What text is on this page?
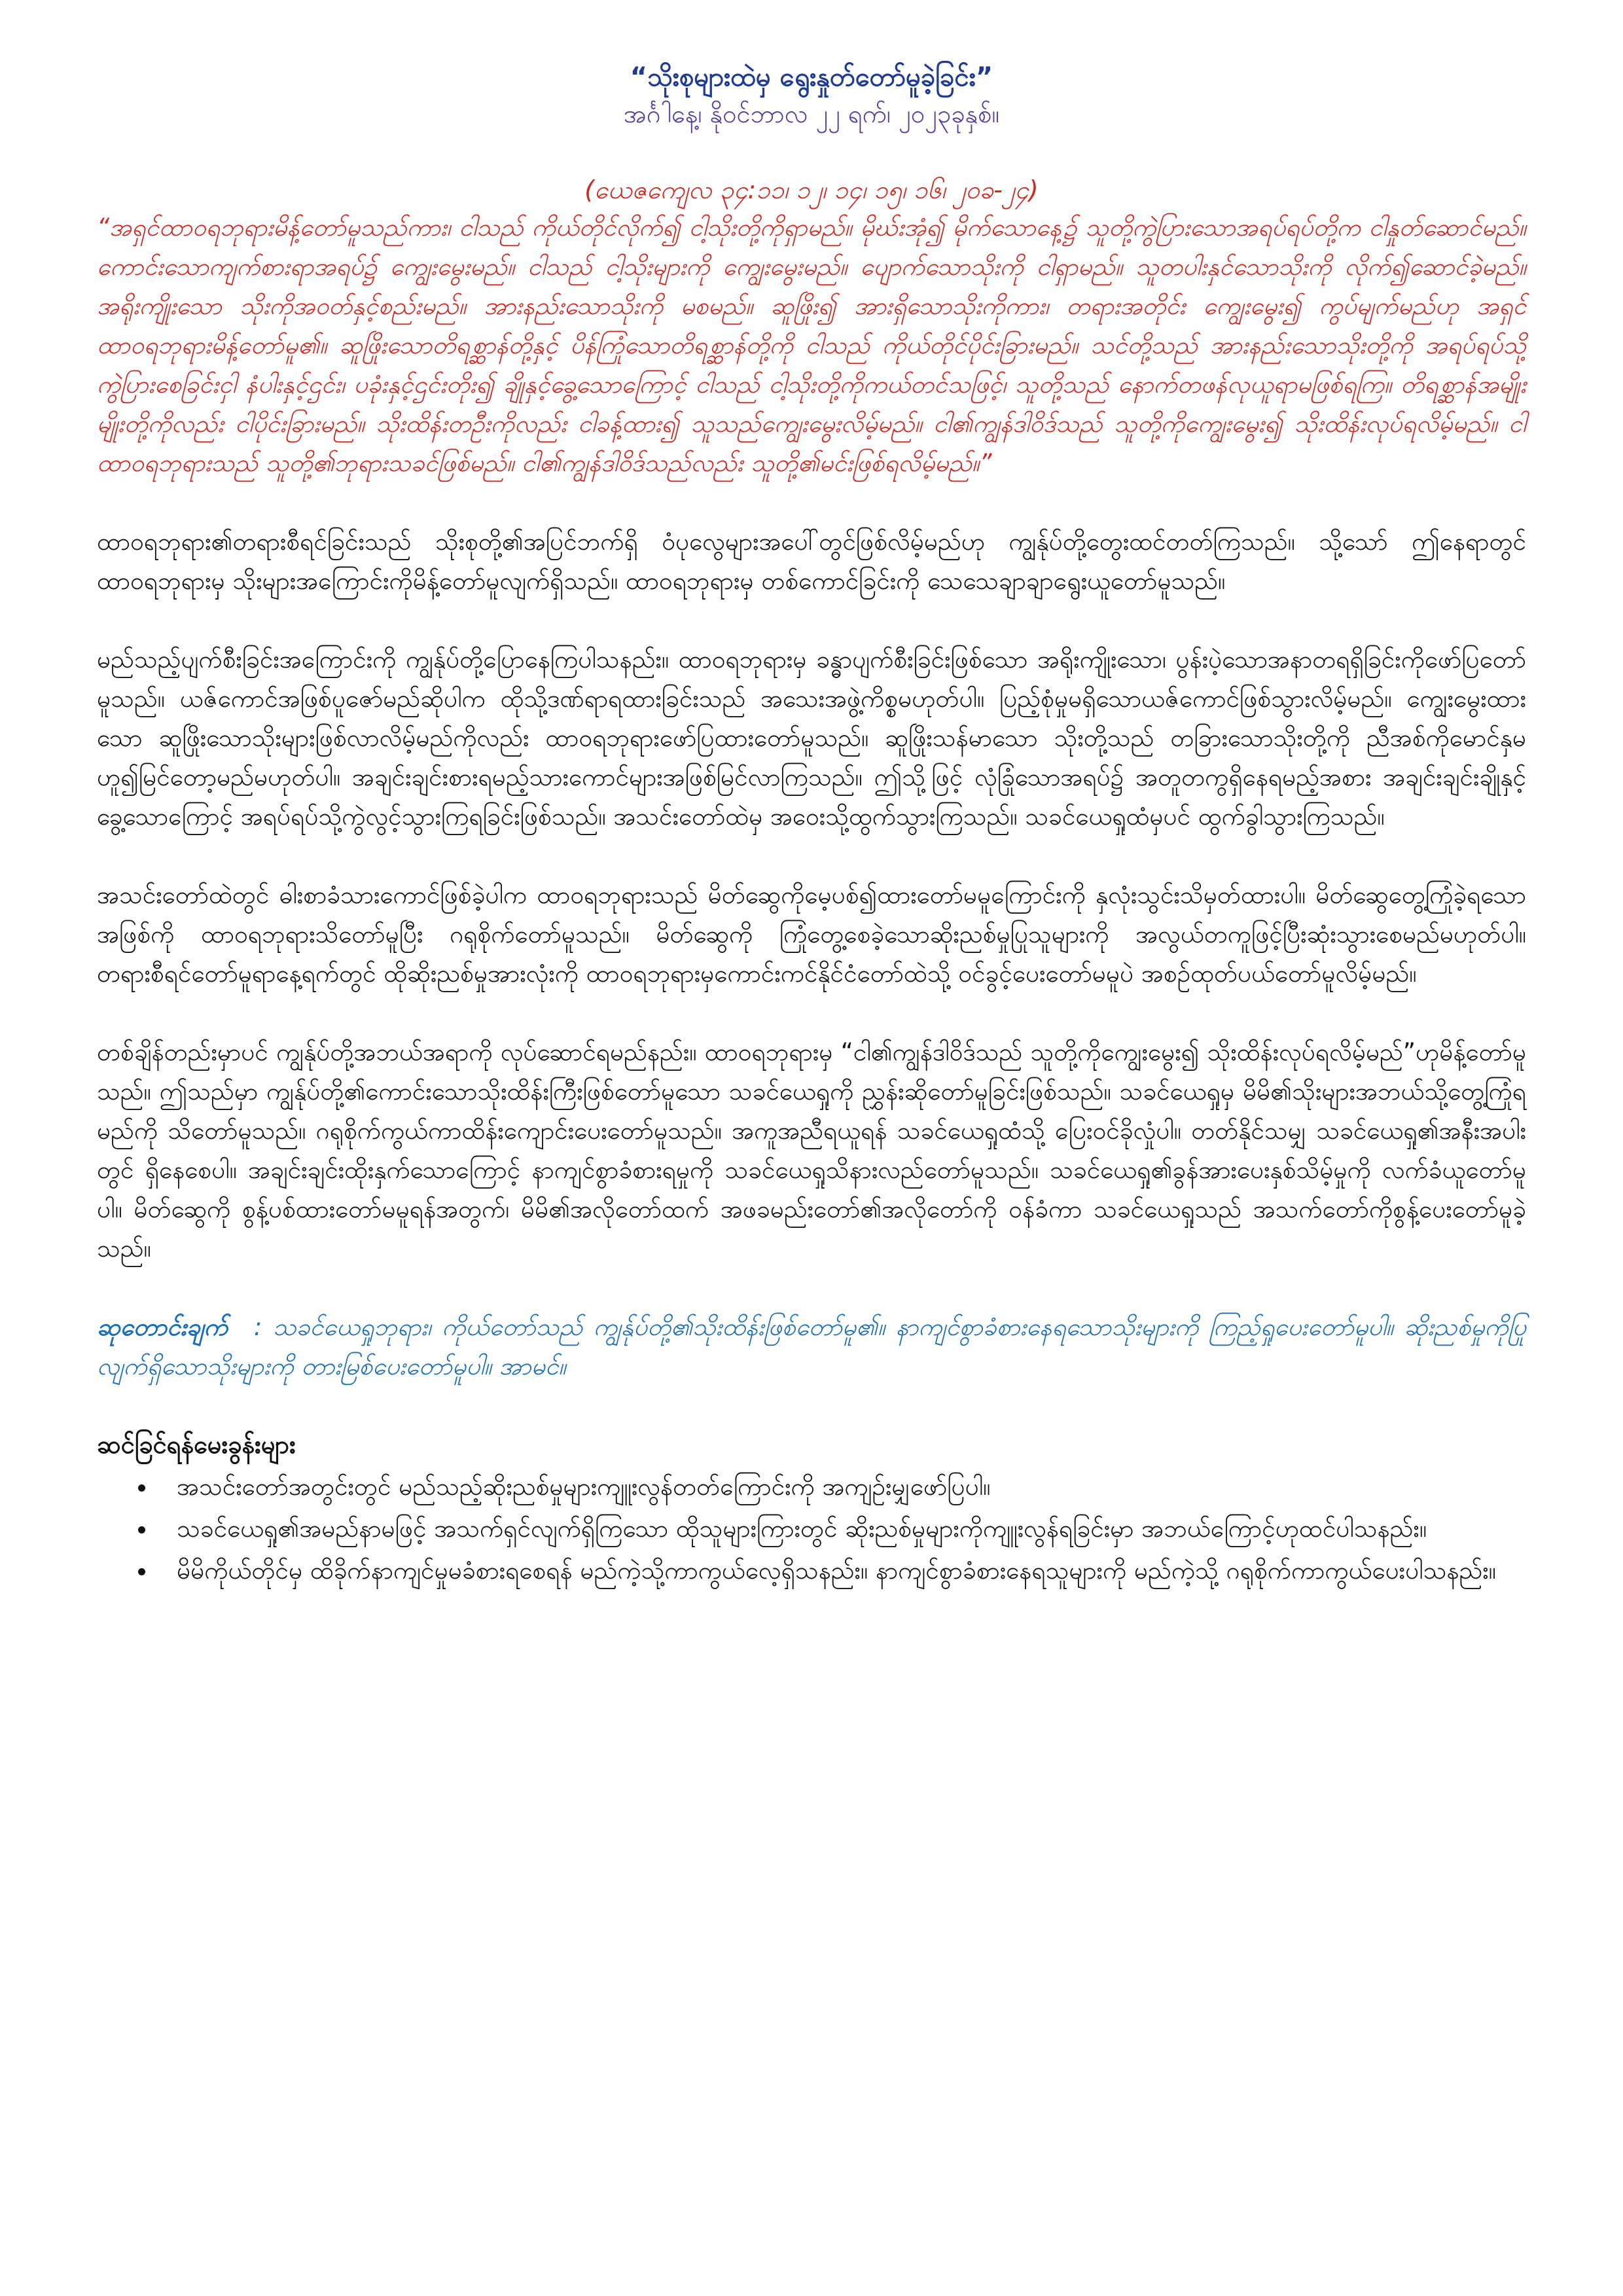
“သိုးစုများထဲမှ ရွေးနှုတ်တော်မူခဲ့ခြင်း”

အင်္ဂါနေ့၊ နိုဝင်ဘာလ ၂၂ ရက်၊ ၂၀၂၃ခုနှစ်။

(ယေဇကျေလ ၃၄:၁၁၊ ၁၂၊ ၁၄၊ ၁၅၊ ၁၆၊ ၂၀ခ-၂၄)

“အရှင်ထာဝရဘုရားမိန့်တော်မူသည်ကား၊ ငါသည် ကိုယ်တိုင်လိုက်၍ ငါ့သိုးတို့ကိုရှာမည်။ မိုဃ်းအုံ၍ မိုက်သောနေ့၌ သူတို့ကွဲပြားသောအရပ်ရပ်တို့က ငါနှုတ်ဆောင်မည်။ ကောင်းသောကျက်စားရာအရပ်၌ ကျွေးမွေးမည်။ ငါသည် ငါ့သိုးများကို ကျွေးမွေးမည်။ ပျောက်သောသိုးကို ငါရှာမည်။ သူတပါးနှင်သောသိုးကို လိုက်၍ဆောင်ခဲ့မည်။ အရိုးကျိုးသော သိုးကိုအဝတ်နှင့်စည်းမည်။ အားနည်းသောသိုးကို မစမည်။ ဆူဖြိုး၍ အားရှိသောသိုးကိုကား၊ တရားအတိုင်း ကျွေးမွေး၍ ကွပ်မျက်မည်ဟု အရှင်ထာဝရဘုရားမိန့်တော်မူ၏။ ဆူဖြိုးသောတိရစ္ဆာန်တို့နှင့် ပိန်ကြုံသောတိရစ္ဆာန်တို့ကို ငါသည် ကိုယ်တိုင်ပိုင်းခြားမည်။ သင်တို့သည် အားနည်းသောသိုးတို့ကို အရပ်ရပ်သို့ ကွဲပြားစေခြင်းငှါ နံပါးနှင့်ဌင်း၊ ပခုံးနှင့်ဌင်းတိုး၍ ချိုနှင့်ခွေ့သောကြောင့် ငါသည် ငါ့သိုးတို့ကိုကယ်တင်သဖြင့်၊ သူတို့သည် နောက်တဖန်လုယူရာမဖြစ်ရကြ။ တိရစ္ဆာန်အမျိုးမျိုးတို့ကိုလည်း ငါပိုင်းခြားမည်။ သိုးထိန်းတဦးကိုလည်း ငါခန့်ထား၍ သူသည်ကျွေးမွေးလိမ့်မည်။ ငါ၏ကျွန်ဒါဝိဒ်သည် သူတို့ကိုကျွေးမွေး၍ သိုးထိန်းလုပ်ရလိမ့်မည်။ ငါထာဝရဘုရားသည် သူတို့၏ဘုရားသခင်ဖြစ်မည်။ ငါ၏ကျွန်ဒါဝိဒ်သည်လည်း သူတို့၏မင်းဖြစ်ရလိမ့်မည်။”

ထာဝရဘုရား၏တရားစီရင်ခြင်းသည် သိုးစုတို့၏အပြင်ဘက်ရှိ ဝံပုလွေများအပေါ်တွင်ဖြစ်လိမ့်မည်ဟု ကျွန်ုပ်တို့တွေးထင်တတ်ကြသည်။ သို့သော် ဤနေရာတွင် ထာဝရဘုရားမှ သိုးများအကြောင်းကိုမိန့်တော်မူလျက်ရှိသည်။ ထာဝရဘုရားမှ တစ်ကောင်ခြင်းကို သေသေချာချာရွေးယူတော်မူသည်။

မည်သည့်ပျက်စီးခြင်းအကြောင်းကို ကျွန်ုပ်တို့ပြောနေကြပါသနည်း။ ထာဝရဘုရားမှ ခန္ဓာပျက်စီးခြင်းဖြစ်သော အရိုးကျိုးသော၊ ပွန်းပဲ့သောအနာတရရှိခြင်းကိုဖော်ပြတော်မူသည်။ ယဇ်ကောင်အဖြစ်ပူဇော်မည်ဆိုပါက ထိုသို့ဒဏ်ရာရထားခြင်းသည် အသေးအဖွဲ့ကိစ္စမဟုတ်ပါ။ ပြည့်စုံမှုမရှိသောယဇ်ကောင်ဖြစ်သွားလိမ့်မည်။ ကျွေးမွေးထားသော ဆူဖြိုးသောသိုးများဖြစ်လာလိမ့်မည်ကိုလည်း ထာဝရဘုရားဖော်ပြထားတော်မူသည်။ ဆူဖြိုးသန်မာသော သိုးတို့သည် တခြားသောသိုးတို့ကို ညီအစ်ကိုမောင်နှမဟူ၍မြင်တော့မည်မဟုတ်ပါ။ အချင်းချင်းစားရမည့်သားကောင်များအဖြစ်မြင်လာကြသည်။ ဤသို့ဖြင့် လုံခြုံသောအရပ်၌ အတူတကွရှိနေရမည့်အစား အချင်းချင်းချိုနှင့်ခွေ့သောကြောင့် အရပ်ရပ်သို့ကွဲလွင့်သွားကြရခြင်းဖြစ်သည်။ အသင်းတော်ထဲမှ အဝေးသို့ထွက်သွားကြသည်။ သခင်ယေရှုထံမှပင် ထွက်ခွါသွားကြသည်။

အသင်းတော်ထဲတွင် ဓါးစာခံသားကောင်ဖြစ်ခဲ့ပါက ထာဝရဘုရားသည် မိတ်ဆွေကိုမေ့ပစ်၍ထားတော်မမူကြောင်းကို နှလုံးသွင်းသိမှတ်ထားပါ။ မိတ်ဆွေတွေ့ကြုံခဲ့ရသောအဖြစ်ကို ထာဝရဘုရားသိတော်မူပြီး ဂရုစိုက်တော်မူသည်။ မိတ်ဆွေကို ကြုံတွေ့စေခဲ့သောဆိုးညစ်မှုပြုသူများကို အလွယ်တကူဖြင့်ပြီးဆုံးသွားစေမည်မဟုတ်ပါ။ တရားစီရင်တော်မူရာနေ့ရက်တွင် ထိုဆိုးညစ်မှုအားလုံးကို ထာဝရဘုရားမှကောင်းကင်နိုင်ငံတော်ထဲသို့ ဝင်ခွင့်ပေးတော်မမူပဲ အစဉ်ထုတ်ပယ်တော်မူလိမ့်မည်။

တစ်ချိန်တည်းမှာပင် ကျွန်ုပ်တို့အဘယ်အရာကို လုပ်ဆောင်ရမည်နည်း။ ထာဝရဘုရားမှ “ငါ၏ကျွန်ဒါဝိဒ်သည် သူတို့ကိုကျွေးမွေး၍ သိုးထိန်းလုပ်ရလိမ့်မည်”ဟုမိန့်တော်မူသည်။ ဤသည်မှာ ကျွန်ုပ်တို့၏ကောင်းသောသိုးထိန်းကြီးဖြစ်တော်မူသော သခင်ယေရှုကို ညွှန်းဆိုတော်မူခြင်းဖြစ်သည်။ သခင်ယေရှုမှ မိမိ၏သိုးများအဘယ်သို့တွေ့ကြုံရမည်ကို သိတော်မူသည်။ ဂရုစိုက်ကွယ်ကာထိန်းကျောင်းပေးတော်မူသည်။ အကူအညီရယူရန် သခင်ယေရှုထံသို့ ပြေးဝင်ခိုလှုံပါ။ တတ်နိုင်သမျှ သခင်ယေရှု၏အနီးအပါးတွင် ရှိနေစေပါ။ အချင်းချင်းထိုးနှက်သောကြောင့် နာကျင်စွာခံစားရမှုကို သခင်ယေရှုသိနားလည်တော်မူသည်။ သခင်ယေရှု၏ခွန်အားပေးနှစ်သိမ့်မှုကို လက်ခံယူတော်မူပါ။ မိတ်ဆွေကို စွန့်ပစ်ထားတော်မမူရန်အတွက်၊ မိမိ၏အလိုတော်ထက် အဖခမည်းတော်၏အလိုတော်ကို ဝန်ခံကာ သခင်ယေရှုသည် အသက်တော်ကိုစွန့်ပေးတော်မူခဲ့သည်။

ဆုတောင်းချက် : သခင်ယေရှုဘုရား၊ ကိုယ်တော်သည် ကျွန်ုပ်တို့၏သိုးထိန်းဖြစ်တော်မူ၏။ နာကျင်စွာခံစားနေရသောသိုးများကို ကြည့်ရှုပေးတော်မူပါ။ ဆိုးညစ်မှုကိုပြုလျက်ရှိသောသိုးများကို တားမြစ်ပေးတော်မူပါ။ အာမင်။

ဆင်ခြင်ရန်မေးခွန်းများ

• အသင်းတော်အတွင်းတွင် မည်သည့်ဆိုးညစ်မှုများကျူးလွန်တတ်ကြောင်းကို အကျဉ်းမျှဖော်ပြပါ။
• သခင်ယေရှု၏အမည်နာမဖြင့် အသက်ရှင်လျက်ရှိကြသော ထိုသူများကြားတွင် ဆိုးညစ်မှုများကိုကျူးလွန်ရခြင်းမှာ အဘယ်ကြောင့်ဟုထင်ပါသနည်း။
• မိမိကိုယ်တိုင်မှ ထိခိုက်နာကျင်မှုမခံစားရစေရန် မည်ကဲ့သို့ကာကွယ်လေ့ရှိသနည်း။ နာကျင်စွာခံစားနေရသူများကို မည်ကဲ့သို့ ဂရုစိုက်ကာကွယ်ပေးပါသနည်း။
